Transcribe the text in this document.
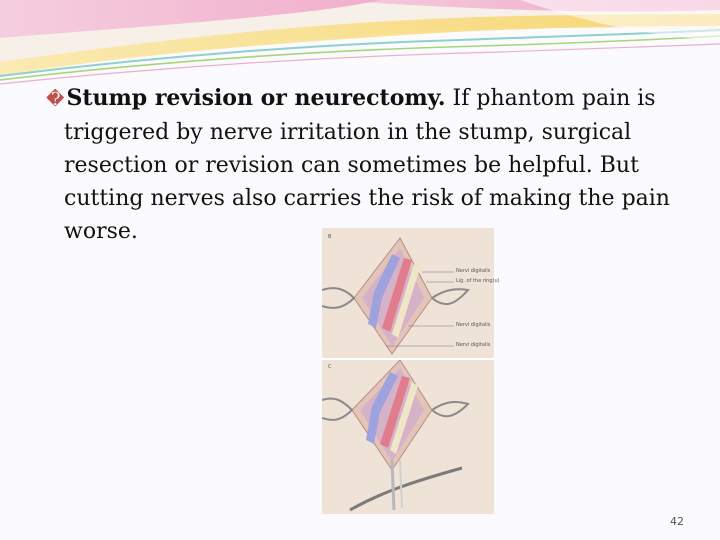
�Stump revision or neurectomy. If phantom pain is triggered by nerve irritation in the stump, surgical resection or revision can sometimes be helpful. But cutting nerves also carries the risk of making the pain worse.	B
Nervi digitalis
Lig. of the ring(u)
Nervi digitalis
Nervi digitalis
C
42
